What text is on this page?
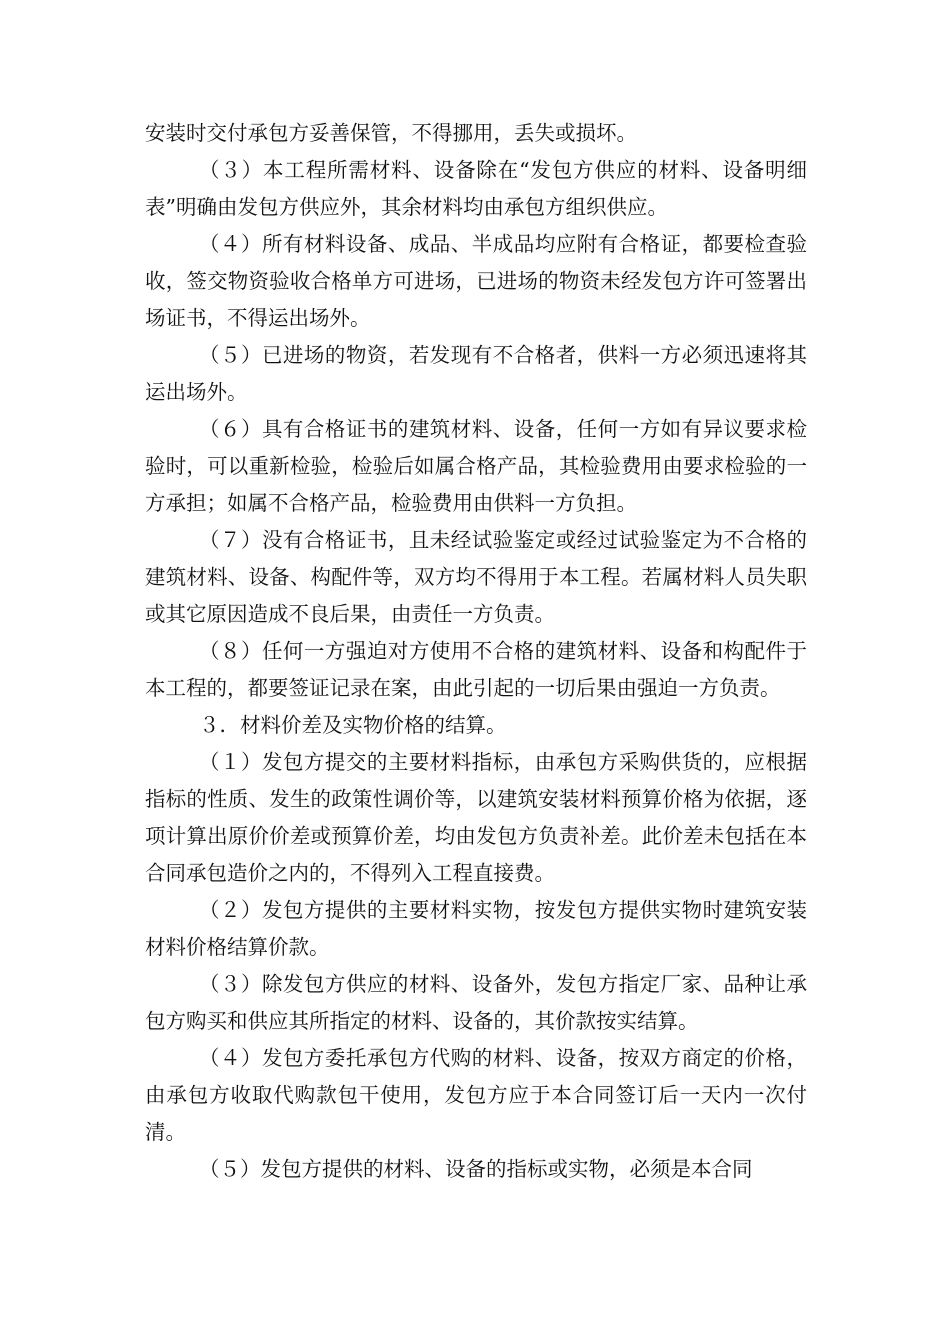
安装时交付承包方妥善保管，不得挪用，丢失或损坏。

（３）本工程所需材料、设备除在“发包方供应的材料、设备明细表”明确由发包方供应外，其余材料均由承包方组织供应。

（４）所有材料设备、成品、半成品均应附有合格证，都要检查验收，签交物资验收合格单方可进场，已进场的物资未经发包方许可签署出场证书，不得运出场外。

（５）已进场的物资，若发现有不合格者，供料一方必须迅速将其运出场外。

（６）具有合格证书的建筑材料、设备，任何一方如有异议要求检验时，可以重新检验，检验后如属合格产品，其检验费用由要求检验的一方承担；如属不合格产品，检验费用由供料一方负担。

（７）没有合格证书，且未经试验鉴定或经过试验鉴定为不合格的建筑材料、设备、构配件等，双方均不得用于本工程。若属材料人员失职或其它原因造成不良后果，由责任一方负责。

（８）任何一方强迫对方使用不合格的建筑材料、设备和构配件于本工程的，都要签证记录在案，由此引起的一切后果由强迫一方负责。

３．材料价差及实物价格的结算。

（１）发包方提交的主要材料指标，由承包方采购供货的，应根据指标的性质、发生的政策性调价等，以建筑安装材料预算价格为依据，逐项计算出原价价差或预算价差，均由发包方负责补差。此价差未包括在本合同承包造价之内的，不得列入工程直接费。

（２）发包方提供的主要材料实物，按发包方提供实物时建筑安装材料价格结算价款。

（３）除发包方供应的材料、设备外，发包方指定厂家、品种让承包方购买和供应其所指定的材料、设备的，其价款按实结算。

（４）发包方委托承包方代购的材料、设备，按双方商定的价格，由承包方收取代购款包干使用，发包方应于本合同签订后一天内一次付清。

（５）发包方提供的材料、设备的指标或实物，必须是本合同
